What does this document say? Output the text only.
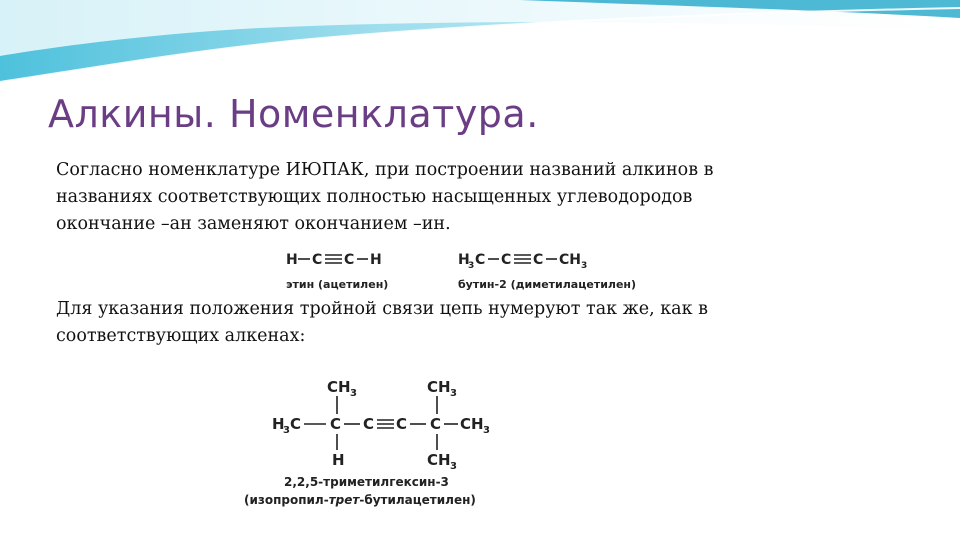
Алкины. Номенклатура.

Согласно номенклатуре ИЮПАК, при построении названий алкинов в
названиях соответствующих полностью насыщенных углеводородов
окончание –ан заменяют окончанием –ин.

H C C H
этин (ацетилен)
H
3 C C C CH 3
бутин-2 (диметилацетилен)

Для указания положения тройной связи цепь нумеруют так же, как в
соответствующих алкенах:

CH 3	CH 3
H
3 C C C C C CH 3
H	CH 3
2,2,5-триметилгексин-3
(изопропил-трет-бутилацетилен)
